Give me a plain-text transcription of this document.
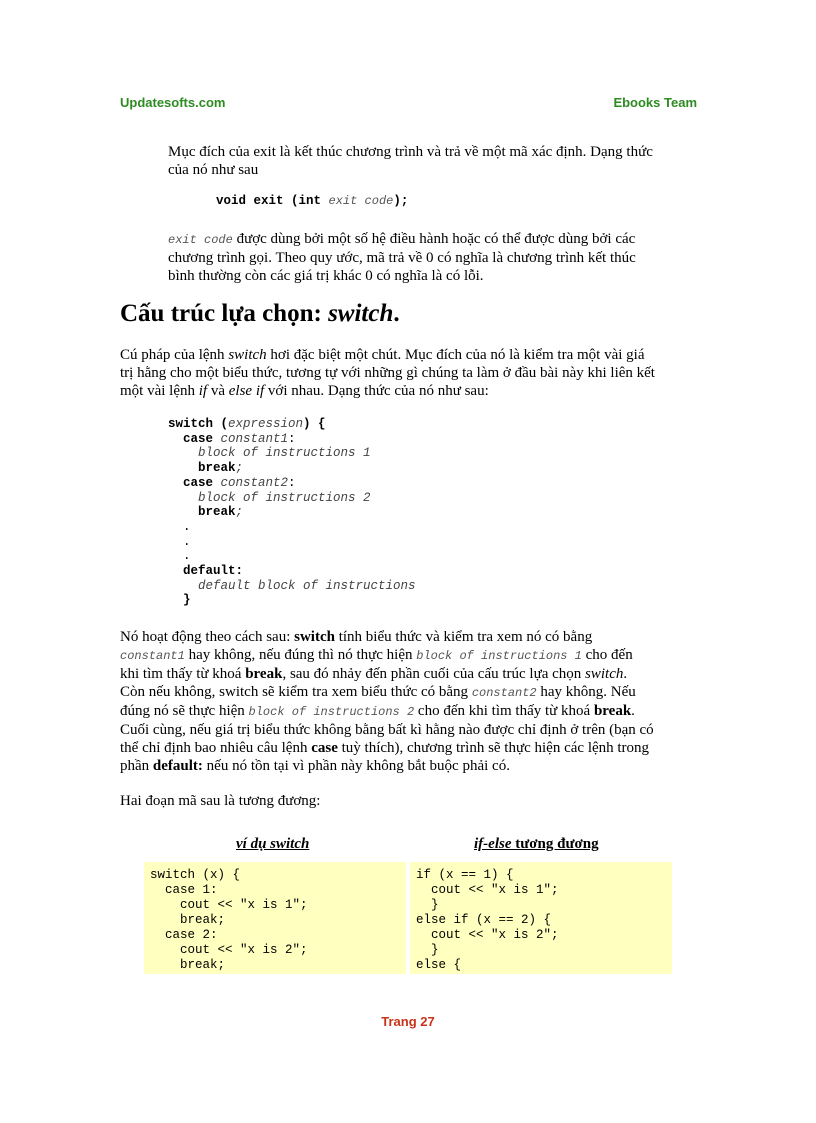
Updatesofts.com	Ebooks Team

Mục đích của exit là kết thúc chương trình và trả về một mã xác định. Dạng thức

của nó như sau

void exit (int exit code);

exit code được dùng bởi một số hệ điều hành hoặc có thể được dùng bởi các

chương trình gọi. Theo quy ước, mã trả về 0 có nghĩa là chương trình kết thúc

bình thường còn các giá trị khác 0 có nghĩa là có lỗi.

Cấu trúc lựa chọn: switch.

Cú pháp của lệnh switch hơi đặc biệt một chút. Mục đích của nó là kiểm tra một vài giá

trị hằng cho một biểu thức, tương tự với những gì chúng ta làm ở đầu bài này khi liên kết

một vài lệnh if và else if với nhau. Dạng thức của nó như sau:

switch (expression) {
case constant1:
block of instructions 1
break;
case constant2:
block of instructions 2
break;
.
.
.
default:
default block of instructions
}

Nó hoạt động theo cách sau: switch tính biểu thức và kiểm tra xem nó có bằng

constant1 hay không, nếu đúng thì nó thực hiện block of instructions 1 cho đến

khi tìm thấy từ khoá break, sau đó nhảy đến phần cuối của cấu trúc lựa chọn switch.

Còn nếu không, switch sẽ kiểm tra xem biểu thức có bằng constant2 hay không. Nếu

đúng nó sẽ thực hiện block of instructions 2 cho đến khi tìm thấy từ khoá break.

Cuối cùng, nếu giá trị biểu thức không bằng bất kì hằng nào được chỉ định ở trên (bạn có

thể chỉ định bao nhiêu câu lệnh case tuỳ thích), chương trình sẽ thực hiện các lệnh trong

phần default: nếu nó tồn tại vì phần này không bắt buộc phải có.

Hai đoạn mã sau là tương đương:
ví dụ switch	if-else tương đương
switch (x) {
case 1:
cout << "x is 1";
break;
case 2:
cout << "x is 2";
break;
if (x == 1) {
cout << "x is 1";
}
else if (x == 2) {
cout << "x is 2";
}
else {
Trang 27
